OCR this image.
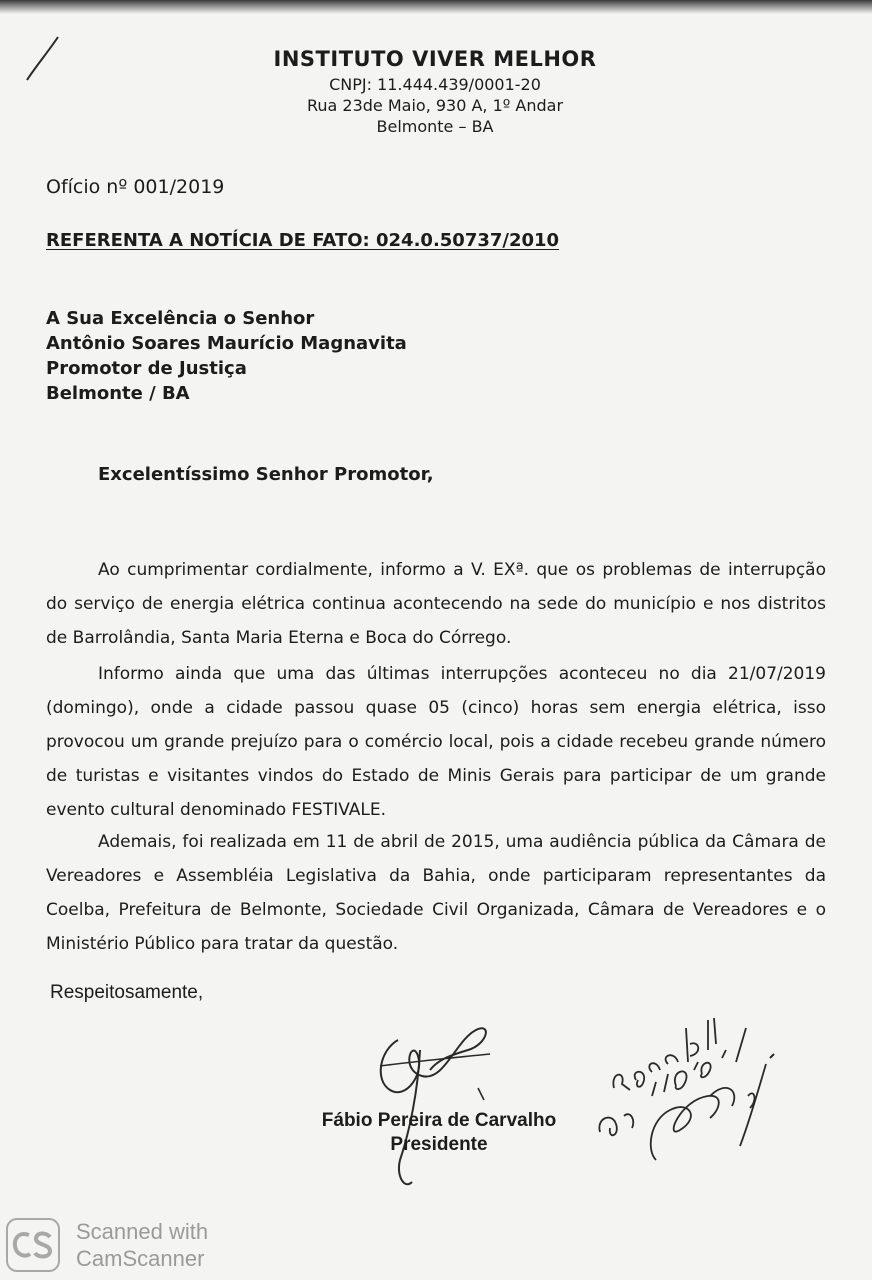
INSTITUTO VIVER MELHOR
CNPJ: 11.444.439/0001-20
Rua 23de Maio, 930 A, 1º Andar
Belmonte – BA
Ofício nº 001/2019
REFERENTA A NOTÍCIA DE FATO: 024.0.50737/2010
A Sua Excelência o Senhor
Antônio Soares Maurício Magnavita
Promotor de Justiça
Belmonte / BA
Excelentíssimo Senhor Promotor,

Ao cumprimentar cordialmente, informo a V. EXª. que os problemas de interrupção do serviço de energia elétrica continua acontecendo na sede do município e nos distritos de Barrolândia, Santa Maria Eterna e Boca do Córrego.

Informo ainda que uma das últimas interrupções aconteceu no dia 21/07/2019 (domingo), onde a cidade passou quase 05 (cinco) horas sem energia elétrica, isso provocou um grande prejuízo para o comércio local, pois a cidade recebeu grande número de turistas e visitantes vindos do Estado de Minis Gerais para participar de um grande evento cultural denominado FESTIVALE.

Ademais, foi realizada em 11 de abril de 2015, uma audiência pública da Câmara de Vereadores e Assembléia Legislativa da Bahia, onde participaram representantes da Coelba, Prefeitura de Belmonte, Sociedade Civil Organizada, Câmara de Vereadores e o Ministério Público para tratar da questão.

Respeitosamente,
Fábio Pereira de Carvalho
Presidente
Scanned with
CamScanner
